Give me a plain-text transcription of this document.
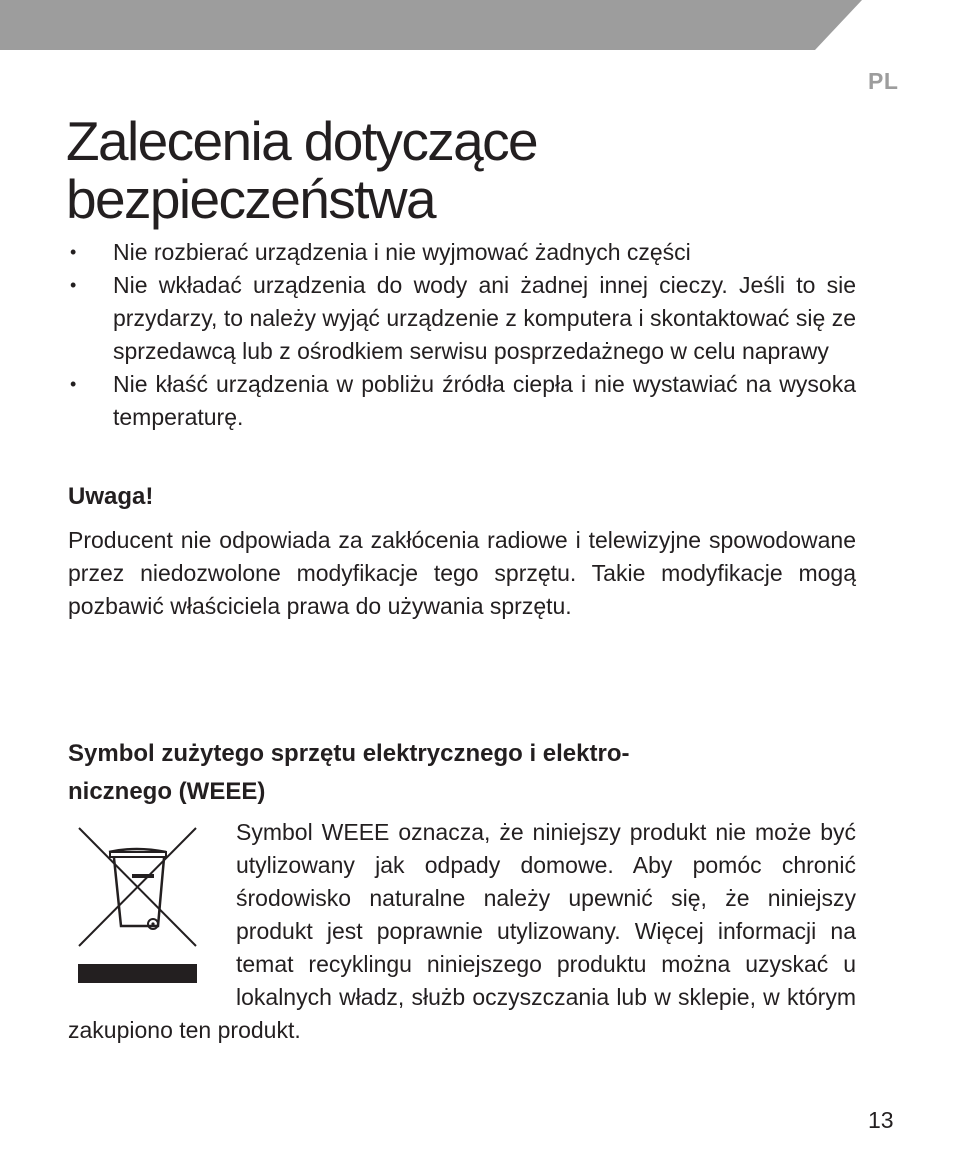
PL
Zalecenia dotyczące
bezpieczeństwa
• Nie rozbierać urządzenia i nie wyjmować żadnych części
• Nie wkładać urządzenia do wody ani żadnej innej cieczy. Jeśli to sie przydarzy, to należy wyjąć urządzenie z komputera i skontaktować się ze sprzedawcą lub z ośrodkiem serwisu posprzedażnego w celu naprawy
• Nie kłaść urządzenia w pobliżu źródła ciepła i nie wystawiać na wysoka temperaturę.
Uwaga!

Producent nie odpowiada za zakłócenia radiowe i telewizyjne spowodowane przez niedozwolone modyfikacje tego sprzętu. Takie modyfikacje mogą pozbawić właściciela prawa do używania sprzętu.

Symbol zużytego sprzętu elektrycznego i elektro-
nicznego (WEEE)

Symbol WEEE oznacza, że niniejszy produkt nie może być utylizowany jak odpady domowe. Aby pomóc chronić środowisko naturalne należy upewnić się, że niniejszy produkt jest poprawnie utylizowany. Więcej informacji na temat recyklingu niniejszego produktu można uzyskać u lokalnych władz, służb oczyszczania lub w sklepie, w którym zakupiono ten produkt.

13
